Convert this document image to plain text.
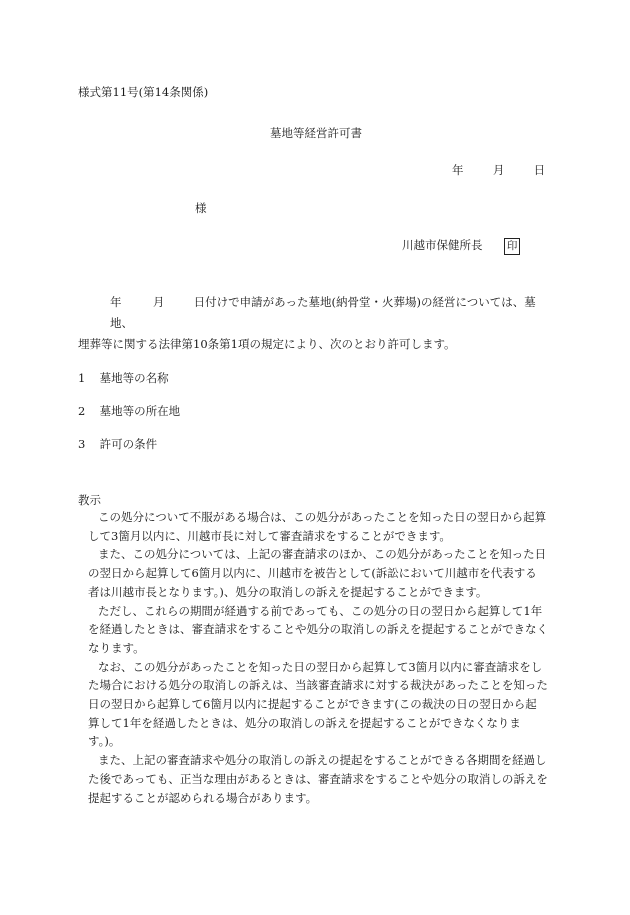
様式第11号(第14条関係)
墓地等経営許可書
年	月	日
様
川越市保健所長 印
年	月	日付けで申請があった墓地(納骨堂・火葬場)の経営については、墓地、
埋葬等に関する法律第10条第1項の規定により、次のとおり許可します。
1 墓地等の名称
2 墓地等の所在地
3 許可の条件
教示

この処分について不服がある場合は、この処分があったことを知った日の翌日から起算して3箇月以内に、川越市長に対して審査請求をすることができます。

また、この処分については、上記の審査請求のほか、この処分があったことを知った日の翌日から起算して6箇月以内に、川越市を被告として(訴訟において川越市を代表する者は川越市長となります。)、処分の取消しの訴えを提起することができます。

ただし、これらの期間が経過する前であっても、この処分の日の翌日から起算して1年を経過したときは、審査請求をすることや処分の取消しの訴えを提起することができなくなります。

なお、この処分があったことを知った日の翌日から起算して3箇月以内に審査請求をした場合における処分の取消しの訴えは、当該審査請求に対する裁決があったことを知った日の翌日から起算して6箇月以内に提起することができます(この裁決の日の翌日から起算して1年を経過したときは、処分の取消しの訴えを提起することができなくなります。)。

また、上記の審査請求や処分の取消しの訴えの提起をすることができる各期間を経過した後であっても、正当な理由があるときは、審査請求をすることや処分の取消しの訴えを提起することが認められる場合があります。
